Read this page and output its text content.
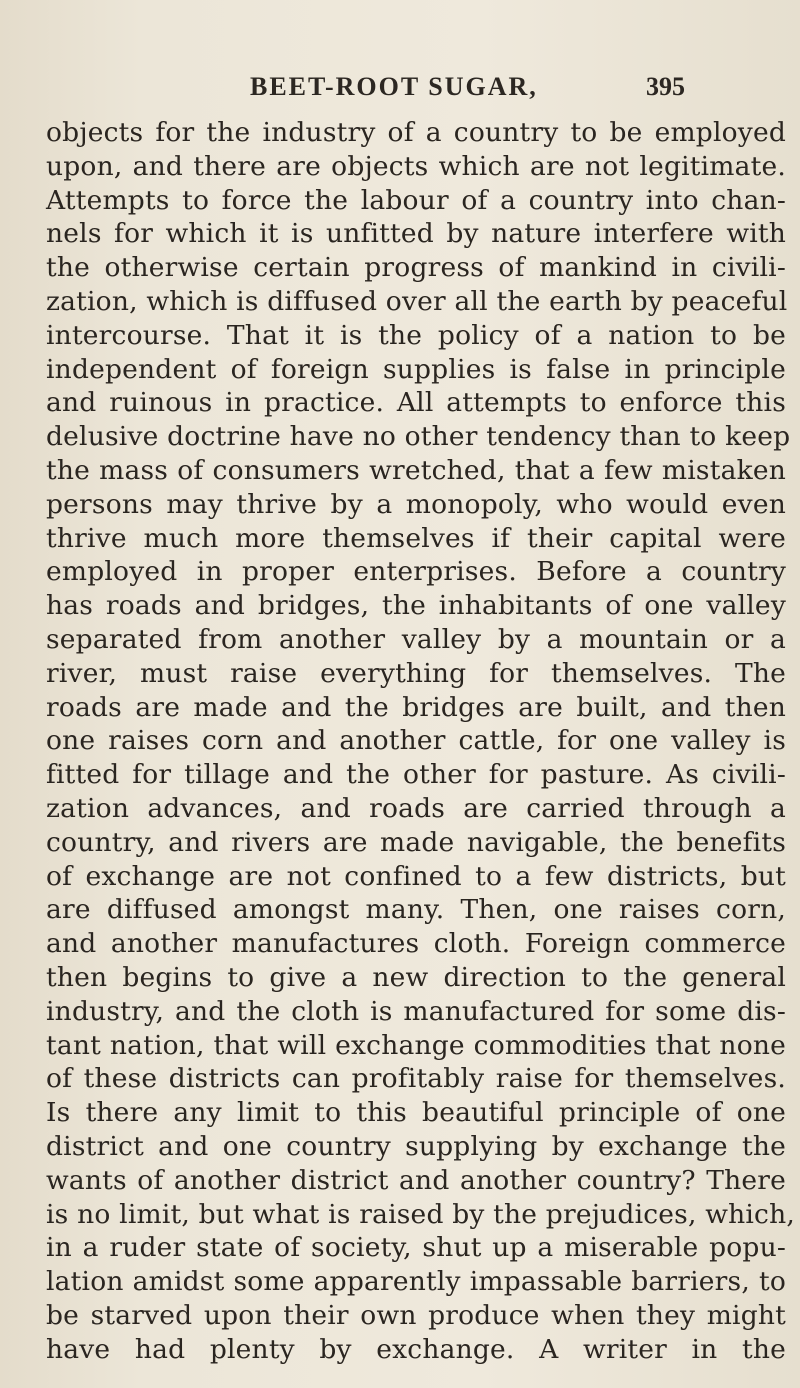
BEET-ROOT SUGAR,	395
objects for the industry of a country to be employed
upon, and there are objects which are not legitimate.
Attempts to force the labour of a country into chan-
nels for which it is unfitted by nature interfere with
the otherwise certain progress of mankind in civili-
zation, which is diffused over all the earth by peaceful
intercourse. That it is the policy of a nation to be
independent of foreign supplies is false in principle
and ruinous in practice. All attempts to enforce this
delusive doctrine have no other tendency than to keep
the mass of consumers wretched, that a few mistaken
persons may thrive by a monopoly, who would even
thrive much more themselves if their capital were
employed in proper enterprises. Before a country
has roads and bridges, the inhabitants of one valley
separated from another valley by a mountain or a
river, must raise everything for themselves. The
roads are made and the bridges are built, and then
one raises corn and another cattle, for one valley is
fitted for tillage and the other for pasture. As civili-
zation advances, and roads are carried through a
country, and rivers are made navigable, the benefits
of exchange are not confined to a few districts, but
are diffused amongst many. Then, one raises corn,
and another manufactures cloth. Foreign commerce
then begins to give a new direction to the general
industry, and the cloth is manufactured for some dis-
tant nation, that will exchange commodities that none
of these districts can profitably raise for themselves.
Is there any limit to this beautiful principle of one
district and one country supplying by exchange the
wants of another district and another country? There
is no limit, but what is raised by the prejudices, which,
in a ruder state of society, shut up a miserable popu-
lation amidst some apparently impassable barriers, to
be starved upon their own produce when they might
have had plenty by exchange. A writer in the
